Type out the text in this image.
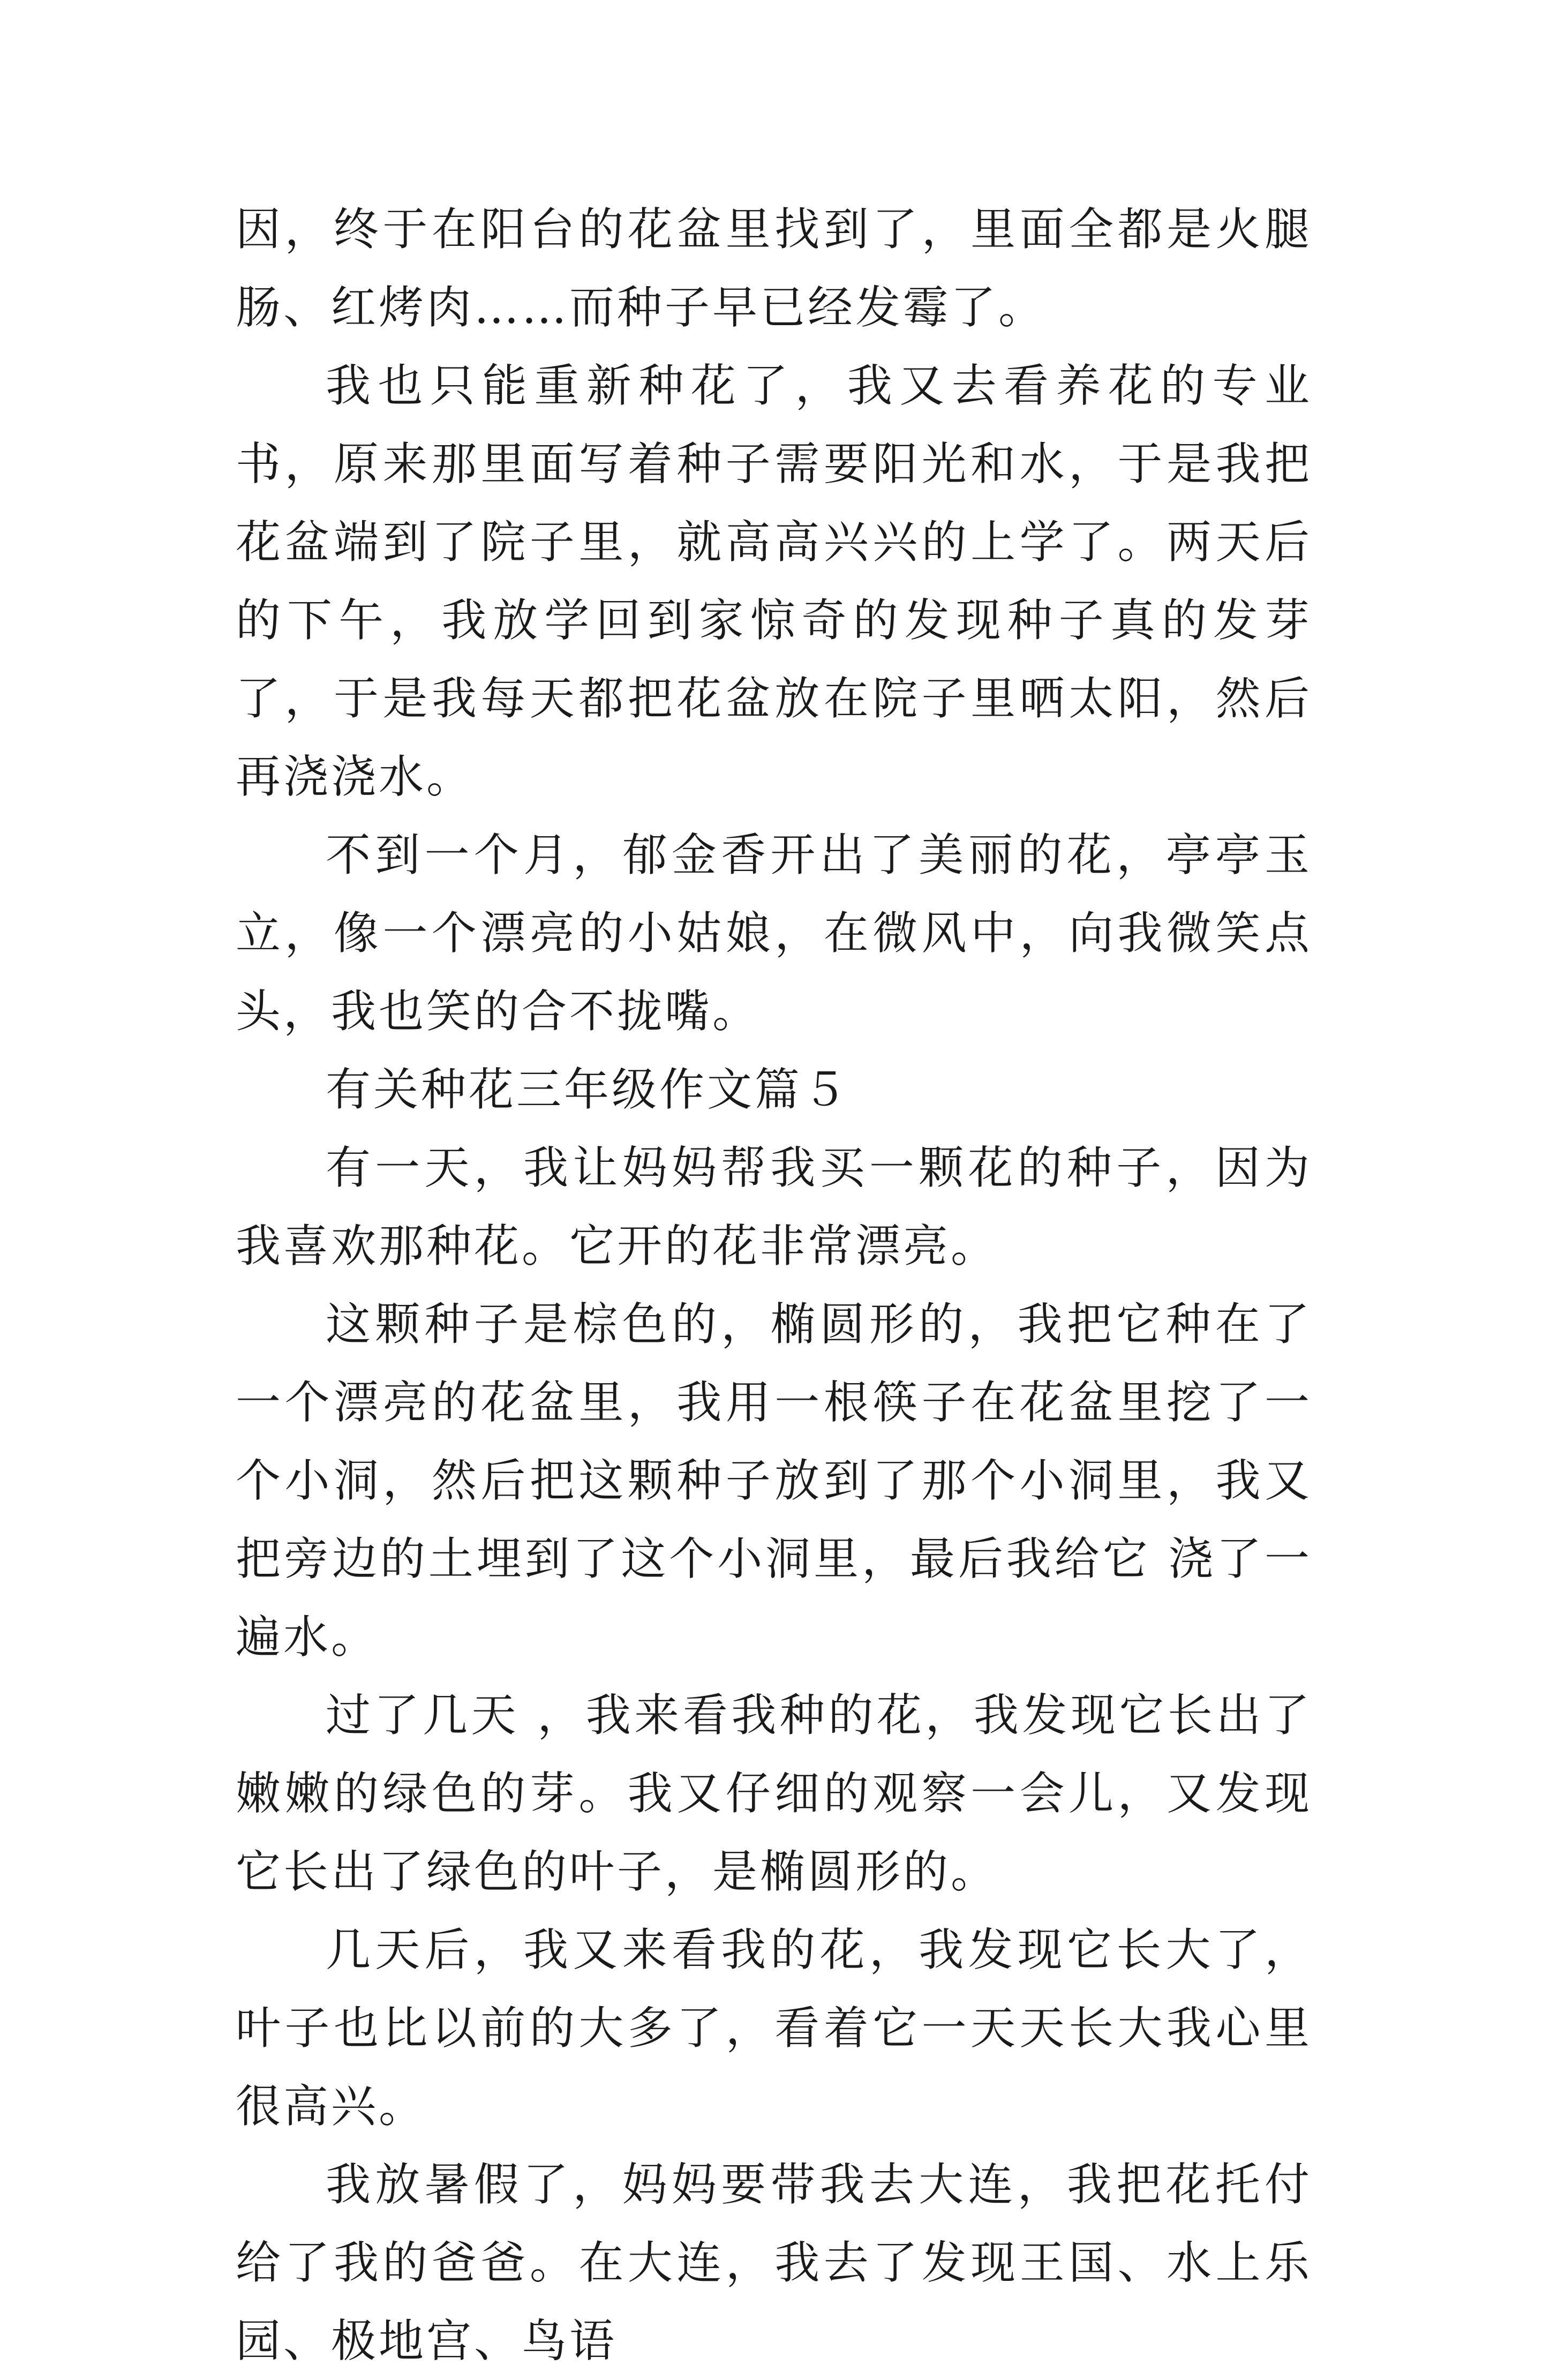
因，终于在阳台的花盆里找到了，里面全都是火腿肠、红烤肉……而种子早已经发霉了。

我也只能重新种花了，我又去看养花的专业书，原来那里面写着种子需要阳光和水，于是我把花盆端到了院子里，就高高兴兴的上学了。两天后的下午，我放学回到家惊奇的发现种子真的发芽了，于是我每天都把花盆放在院子里晒太阳，然后再浇浇水。

不到一个月，郁金香开出了美丽的花，亭亭玉立，像一个漂亮的小姑娘，在微风中，向我微笑点头，我也笑的合不拢嘴。

有关种花三年级作文篇５

有一天，我让妈妈帮我买一颗花的种子，因为我喜欢那种花。它开的花非常漂亮。

这颗种子是棕色的，椭圆形的，我把它种在了一个漂亮的花盆里，我用一根筷子在花盆里挖了一个小洞，然后把这颗种子放到了那个小洞里，我又把旁边的土埋到了这个小洞里，最后我给它 浇了一遍水。

过了几天 ，我来看我种的花，我发现它长出了嫩嫩的绿色的芽。我又仔细的观察一会儿，又发现它长出了绿色的叶子，是椭圆形的。

几天后，我又来看我的花，我发现它长大了，叶子也比以前的大多了，看着它一天天长大我心里很高兴。

我放暑假了，妈妈要带我去大连，我把花托付给了我的爸爸。在大连，我去了发现王国、水上乐园、极地宫、鸟语
